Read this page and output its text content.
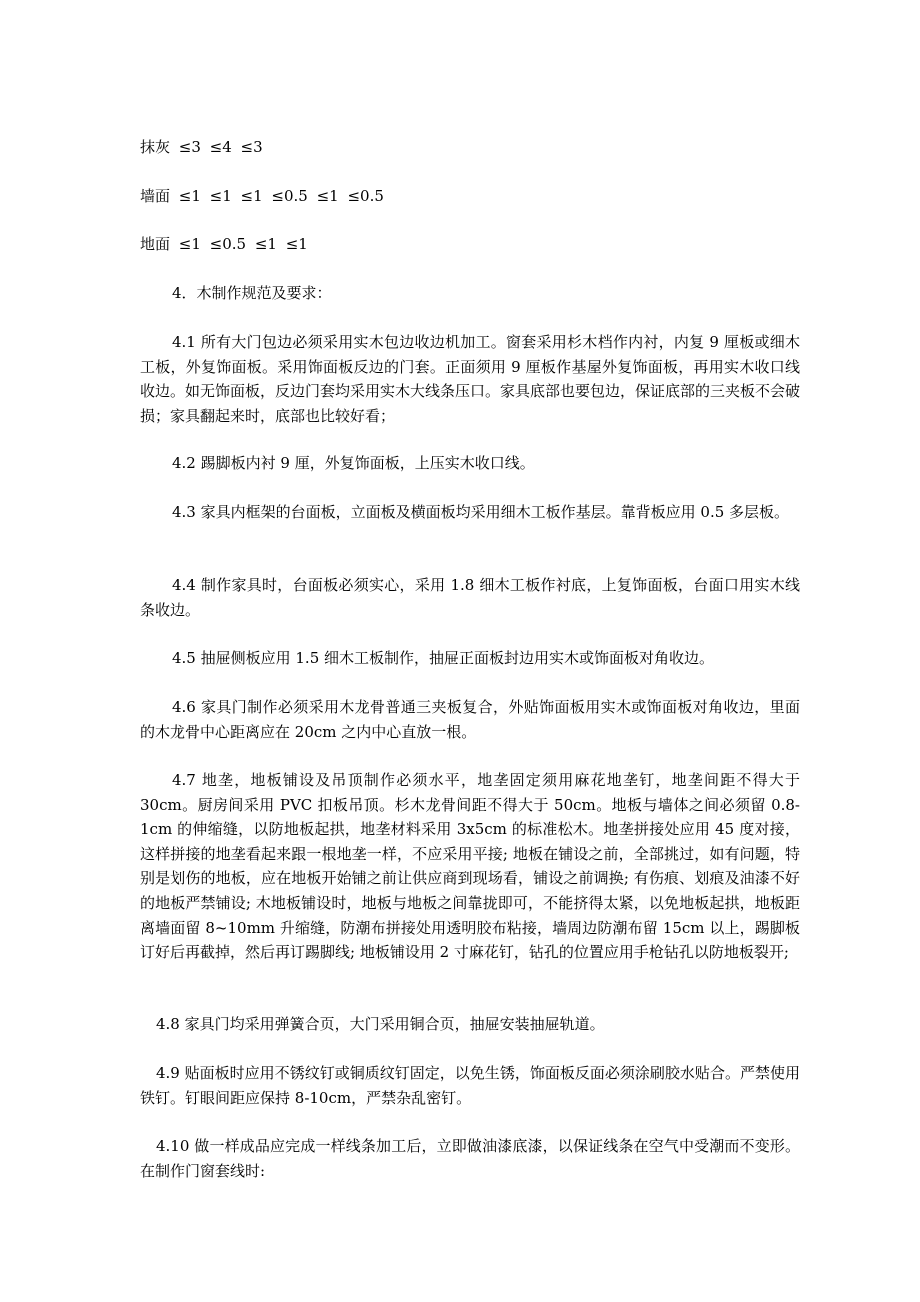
抹灰 ≤3 ≤4 ≤3

墙面 ≤1 ≤1 ≤1 ≤0.5 ≤1 ≤0.5

地面 ≤1 ≤0.5 ≤1 ≤1

4．木制作规范及要求：

4.1 所有大门包边必须采用实木包边收边机加工。窗套采用杉木档作内衬，内复 9 厘板或细木工板，外复饰面板。采用饰面板反边的门套。正面须用 9 厘板作基屋外复饰面板，再用实木收口线收边。如无饰面板，反边门套均采用实木大线条压口。家具底部也要包边，保证底部的三夹板不会破损；家具翻起来时，底部也比较好看；

4.2 踢脚板内衬 9 厘，外复饰面板，上压实木收口线。

4.3 家具内框架的台面板，立面板及横面板均采用细木工板作基层。靠背板应用 0.5 多层板。

4.4 制作家具时，台面板必须实心，采用 1.8 细木工板作衬底，上复饰面板，台面口用实木线条收边。

4.5 抽屉侧板应用 1.5 细木工板制作，抽屉正面板封边用实木或饰面板对角收边。

4.6 家具门制作必须采用木龙骨普通三夹板复合，外贴饰面板用实木或饰面板对角收边，里面的木龙骨中心距离应在 20cm 之内中心直放一根。

4.7 地垄，地板铺设及吊顶制作必须水平，地垄固定须用麻花地垄钉，地垄间距不得大于 30cm。厨房间采用 PVC 扣板吊顶。杉木龙骨间距不得大于 50cm。地板与墙体之间必须留 0.8-1cm 的伸缩缝，以防地板起拱，地垄材料采用 3x5cm 的标准松木。地垄拼接处应用 45 度对接，这样拼接的地垄看起来跟一根地垄一样，不应采用平接; 地板在铺设之前，全部挑过，如有问题，特别是划伤的地板，应在地板开始铺之前让供应商到现场看，铺设之前调换; 有伤痕、划痕及油漆不好的地板严禁铺设; 木地板铺设时，地板与地板之间靠拢即可，不能挤得太紧，以免地板起拱，地板距离墙面留 8~10mm 升缩缝，防潮布拼接处用透明胶布粘接，墙周边防潮布留 15cm 以上，踢脚板订好后再截掉，然后再订踢脚线; 地板铺设用 2 寸麻花钉，钻孔的位置应用手枪钻孔以防地板裂开;

4.8 家具门均采用弹簧合页，大门采用铜合页，抽屉安装抽屉轨道。

4.9 贴面板时应用不锈纹钉或铜质纹钉固定，以免生锈，饰面板反面必须涂刷胶水贴合。严禁使用铁钉。钉眼间距应保持 8-10cm，严禁杂乱密钉。

4.10 做一样成品应完成一样线条加工后，立即做油漆底漆，以保证线条在空气中受潮而不变形。在制作门窗套线时:
